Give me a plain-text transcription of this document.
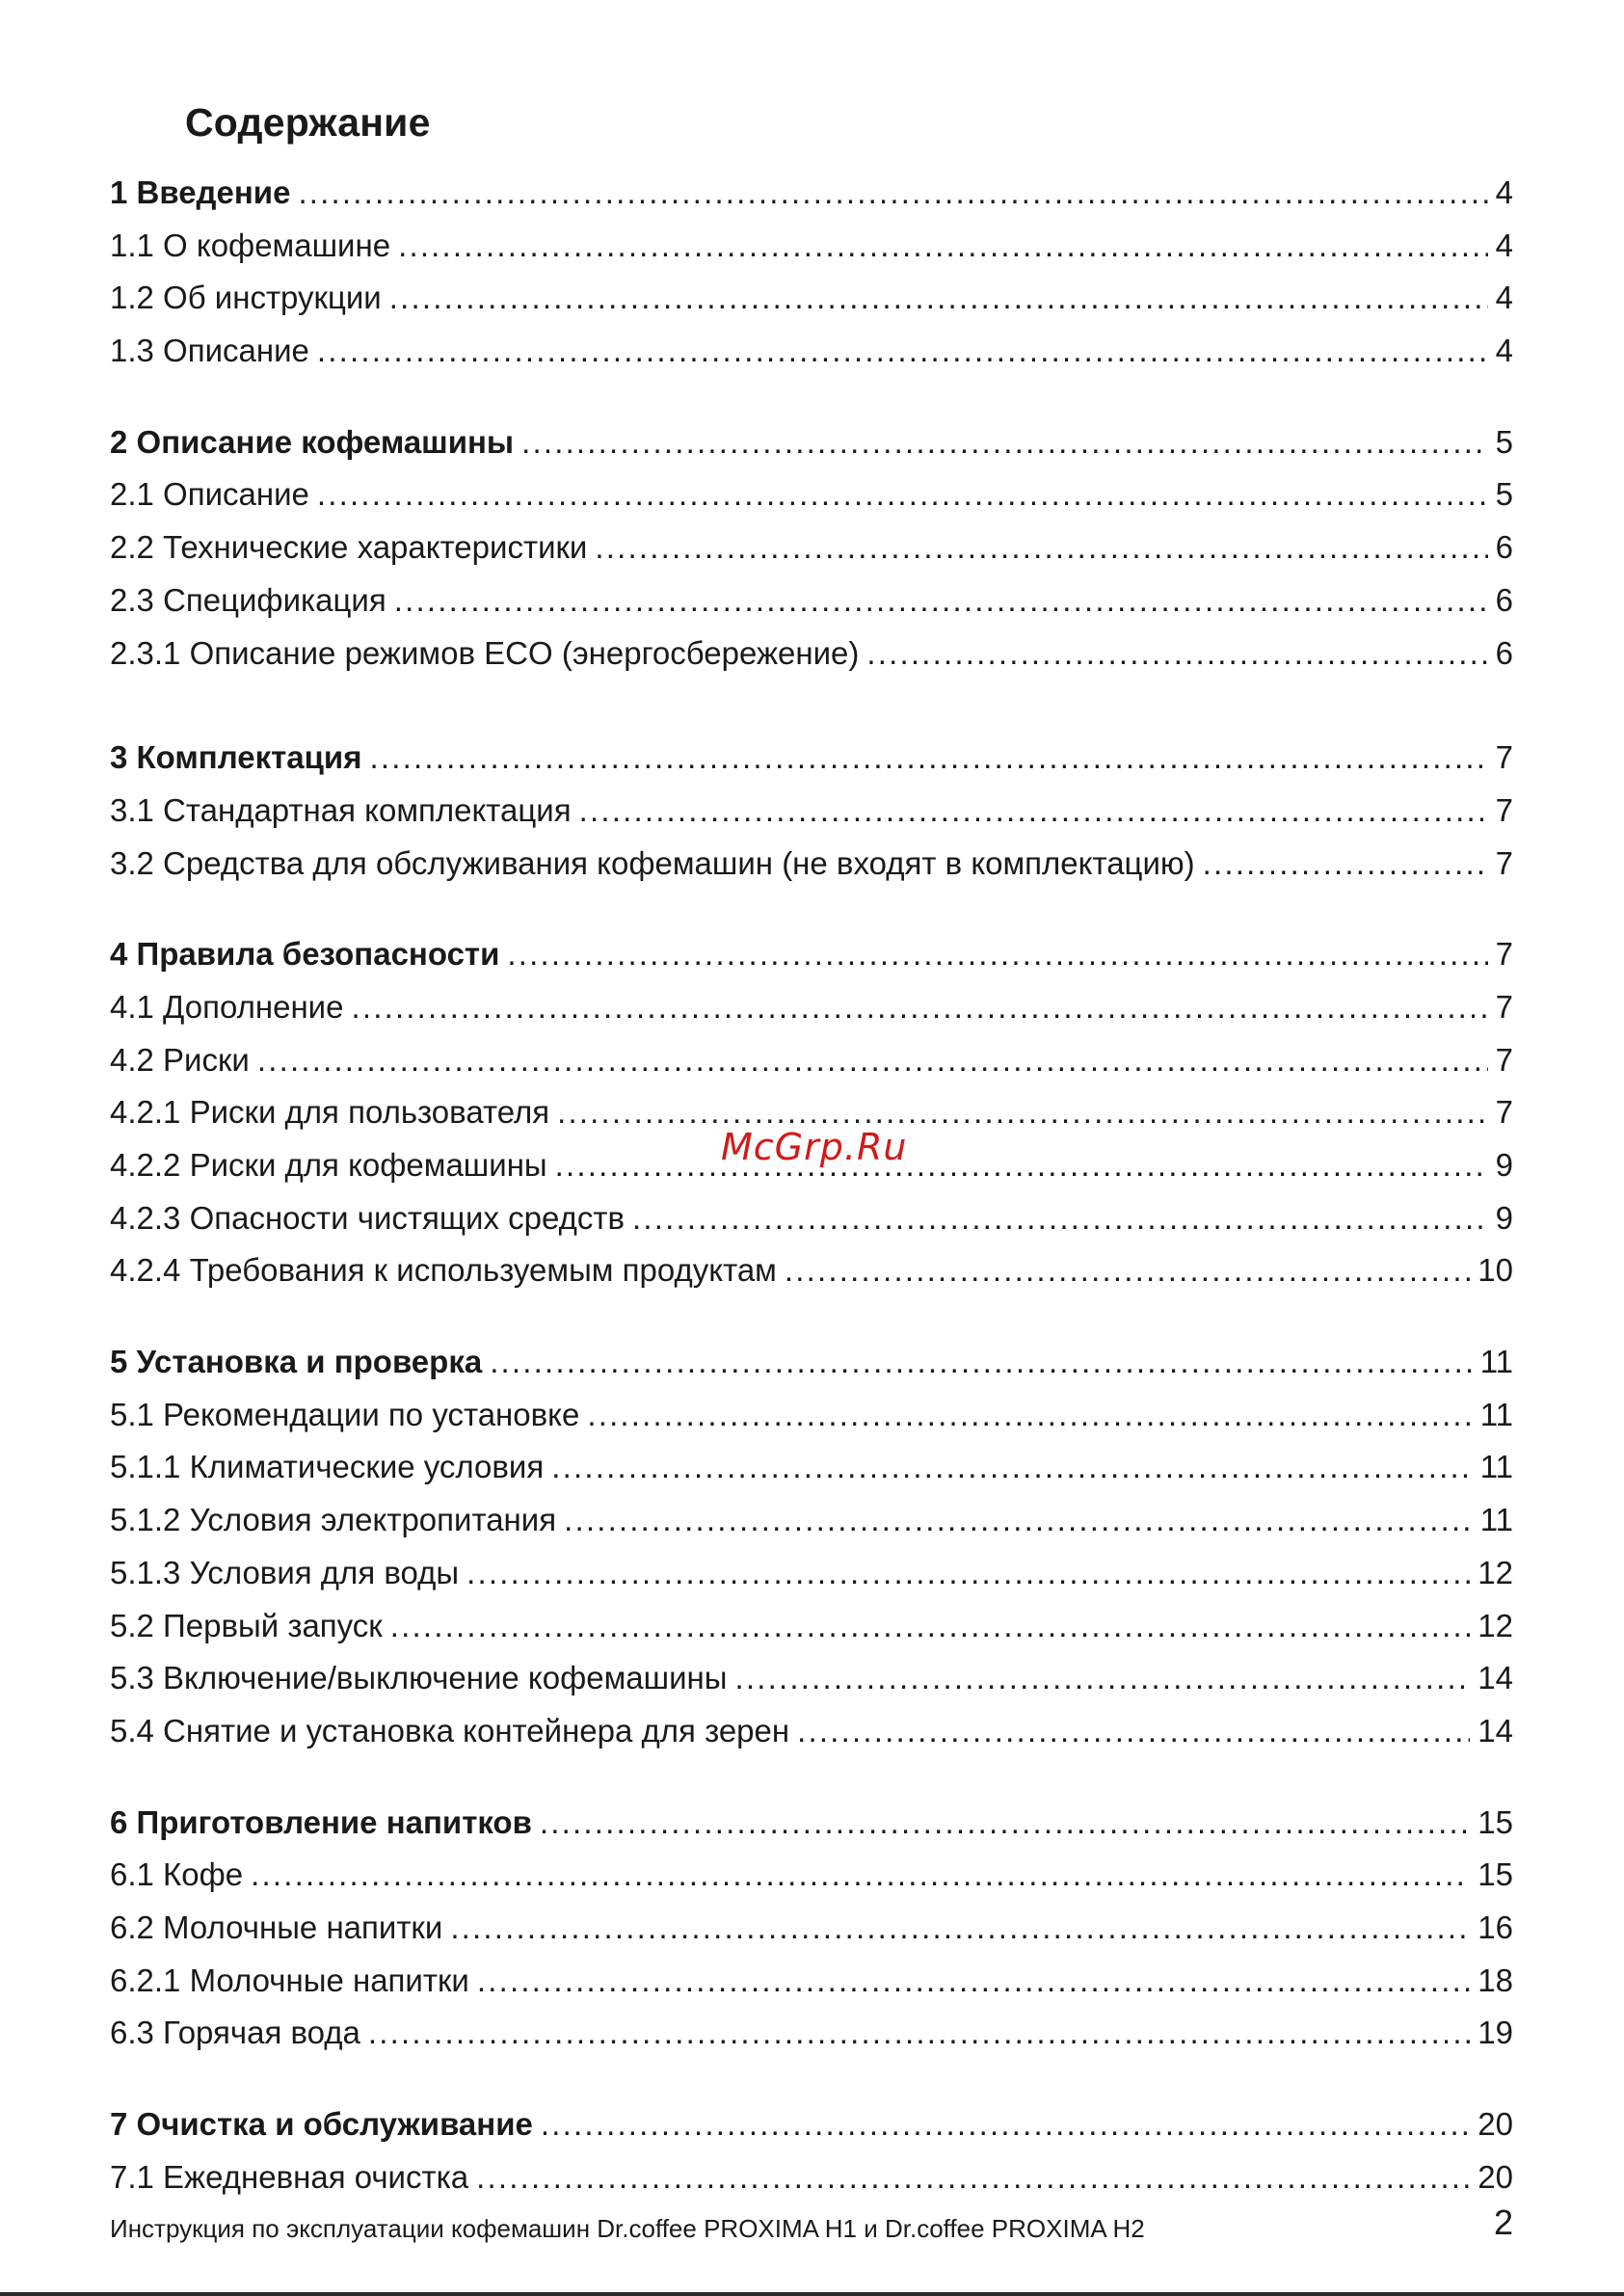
Содержание
1 Введение .....	4
1.1 О кофемашине .....	4
1.2 Об инструкции .....	4
1.3 Описание .....	4
2 Описание кофемашины .....	5
2.1 Описание .....	5
2.2 Технические характеристики .....	6
2.3 Спецификация .....	6
2.3.1 Описание режимов ECO (энергосбережение) .....	6
3 Комплектация .....	7
3.1 Стандартная комплектация .....	7
3.2 Средства для обслуживания кофемашин (не входят в комплектацию) .....	7
4 Правила безопасности .....	7
4.1 Дополнение .....	7
4.2 Риски .....	7
4.2.1 Риски для пользователя .....	7
4.2.2 Риски для кофемашины .....	9
4.2.3 Опасности чистящих средств .....	9
4.2.4 Требования к используемым продуктам .....	10
5 Установка и проверка .....	11
5.1 Рекомендации по установке .....	11
5.1.1 Климатические условия .....	11
5.1.2 Условия электропитания .....	11
5.1.3 Условия для воды .....	12
5.2 Первый запуск .....	12
5.3 Включение/выключение кофемашины .....	14
5.4 Снятие и установка контейнера для зерен .....	14
6 Приготовление напитков .....	15
6.1 Кофе .....	15
6.2 Молочные напитки .....	16
6.2.1 Молочные напитки .....	18
6.3 Горячая вода .....	19
7 Очистка и обслуживание .....	20
7.1 Ежедневная очистка .....	20
McGrp.Ru
Инструкция по эксплуатации кофемашин Dr.coffee PROXIMA H1 и Dr.coffee PROXIMA H2	2
